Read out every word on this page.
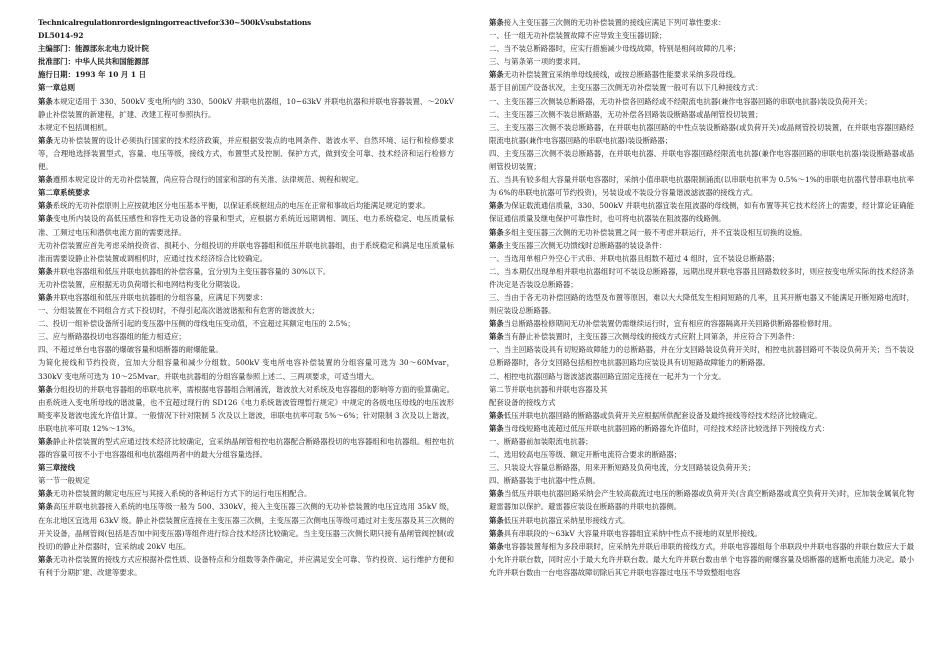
Technicalregulationrordesigningorreactivefor330~500kVsubstations

DL5014-92

主编部门：能源部东北电力设计院

批准部门：中华人民共和国能源部

施行日期：1993 年 10 月 1 日

第一章总则

第条本规定适用于 330、500kV 变电所内的 330、500kV 并联电抗器组，10~63kV 并联电抗器和并联电容器装置、～20kV 静止补偿装置的新建程，扩建、改建工程可参照执行。

本规定不包括调相机。

第条无功补偿装置的设计必须执行国家的技术经济政策，并应根据安装点的电网条件、谐波水平、自然环境、运行和检修要求等，合理地选择装置型式，容量、电压等级，接线方式，布置型式及控制、保护方式，做到安全可靠、技术经济和运行检修方便。

第条遵照本规定设计的无功补偿装置，尚应符合现行的国家和部的有关准、法律规范、规程和规定。

第二章系统要求

第条系统的无功补偿原则上应按就地区分电压基本平衡，以保证系统枢纽点的电压在正常和事故后均能满足规定的要求。

第条变电所内装设的高低压感性和容性无功设备的容量和型式，应根据方系统近远期调相、调压、电力系统稳定、电压质量标准、工频过电压和潜供电流方面的需要选择。

无功补偿装置应首先考虑采纳投资省、损耗小、分组投切的并联电容器组和低压并联电抗器组，由于系统稳定和满足电压质量标准而需要设静止补偿装置或调相机时，应通过技术经济综合比较确定。

第条并联电容器组和低压并联电抗器组的补偿容量，宜分别为主变压器容量的 30%以下。

无功补偿装置，应根据无功负荷增长和电网结构变化分期装设。

第条并联电容器组和低压并联电抗器组的分组容量，应满足下列要求：

一、分组装置在不同组合方式下投切时，不得引起高次谐波谐振和有危害的谐波放大；

二、投切一组补偿设备所引起的变压器中压侧的母线电压变动值，不宜超过其额定电压的 2.5%；

三、应与断路器投切电容器组的能力相适应；

四、不超过单台电容器的爆破容量和熔断器的耐爆能量。

为简化接线和节约投资，宜加大分组容量和减少分组数。500kV 变电所电容补偿装置的分组容量可选为 30～60Mvar，330kV 变电所可选为 10～25Mvar。并联电抗器组的分组容量参照上述二、三两项要求，可适当增大。

第条分组投切的并联电容器组的串联电抗率，需根据电容器组合闸涌流，谐波放大对系统及电容器组的影响等方面的验算确定。由系统进入变电所母线的谐波量，也不宜超过现行的 SD126《电力系统谐波管理暂行规定》中规定的各级电压母线的电压波形畸变率及谐波电流允许值计算。一般情况下针对限制 5 次及以上谐波，串联电抗率可取 5%～6%；针对限制 3 次及以上谐波，串联电抗率可取 12%～13%。

第条静止补偿装置的型式应通过技术经济比较确定，宜采纳晶闸管相控电抗器配合断路器投切的电容器组和电抗器组。相控电抗器的容量可按不小于电容器组和电抗器组两者中的最大分组容量选择。

第三章接线

第一节一般规定

第条无功补偿装置的额定电压应与其接入系统的各种运行方式下的运行电压相配合。

第条高压并联电抗器接入系统的电压等级一般为 500、330kV，接入主变压器三次侧的无功补偿装置的电压宜选用 35kV 级，在东北地区宜选用 63kV 级。静止补偿装置应连接在主变压器三次侧，主变压器三次侧电压等级可通过对主变压器及其三次侧的开关设备，晶闸管阀(包括是否加中间变压器)等组件进行综合技术经济比较确定。当主变压器三次侧长期只接有晶闸管阀控制(或投切)的静止补偿器时，宜采纳或 20kV 电压。

第条无功补偿装置的接线方式应根据补偿性质、设备特点和分组数等条件确定，并应满足安全可靠、节约投资、运行维护方便和有利于分期扩建、改建等要求。

第条接入主变压器三次侧的无功补偿装置的接线应满足下列可靠性要求：

一、任一组无功补偿装置故障不应导致主变压器切除；

二、当不装总断路器时，应实行措施减少母线故障，特别是相间故障的几率；

三、与第条第一项的要求同。

第条无功补偿装置宜采纳单母线接线，或按总断路器性能要求采纳多段母线。

基于目前国产设备状况，主变压器三次侧无功补偿装置一般可有以下几种接线方式：

一、主变压器三次侧装总断路器，无功补偿各回路经或不经限流电抗器(兼作电容器回路的串联电抗器)装设负荷开关；

二、主变压器三次侧不装总断路器，无功补偿各回路装设断路器或晶闸管投切装置；

三、主变压器三次侧不装总断路器，在并联电抗器回路的中性点装设断路器(或负荷开关)或晶闸管投切装置，在并联电容器回路经限流电抗器(兼作电容器回路的串联电抗器)装设断路器；

四、主变压器三次侧不装总断路器，在并联电抗器、并联电容器回路经限流电抗器(兼作电容器回路的串联电抗器)装设断路器或晶闸管投切装置；

五、当具有较多组大容量并联电容器时，采纳小值串联电抗器限制涌流(以串联电抗率为 0.5%～1%的串联电抗器代替串联电抗率为 6%的串联电抗器可节约投资)，另装设或不装设分容量谐波滤波器的接线方式。

第条为保证载流通信质量，330、500kV 并联电抗器宜装在阻波器的母线侧，如有布置等其它技术经济上的需要，经计算论证确能保证通信质量及继电保护可靠性时，也可将电抗器装在阻波器的线路侧。

第条多组主变压器三次侧的无功补偿装置之间一般不考虑并联运行，并不宜装设相互切换的设施。

第条主变压器三次侧无功馈线时总断路器的装设条件：

一、当选用单相户外空心干式串、并联电抗器且组数不超过 4 组时，宜不装设总断路器；

二、当本期仅出现单相并联电抗器组时可不装设总断路器，远期出现并联电容器且回路数较多时，则应按变电所实际的技术经济条件决定是否装设总断路器；

三、当由于各无功补偿回路的选型及布置等原因，难以大大降低发生相间短路的几率，且其开断电器又不能满足开断短路电流时，则应装设总断路器。

第条当总断路器检修期间无功补偿装置仍需继续运行时，宜有相应的容器隔离开关回路供断路器检修时用。

第条当有静止补偿装置时，主变压器三次侧母线的接线方式应附上同第条，并应符合下列条件：

一、当主回路装设具有切短路故障能力的总断路器，并在分支回路装设负荷开关时，相控电抗器回路可不装设负荷开关；当不装设总断路器时，各分支回路包括相控电抗器回路均应装设具有切短路故障能力的断路器。

二、相控电抗器回路与谐波滤波器回路宜固定连接在一起并为一个分支。

第二节并联电抗器和并联电容器及其

配套设备的接线方式

第条低压并联电抗器回路的断路器或负荷开关应根据所供配套设备及最终接线等经技术经济比较确定。

第条当母线短路电流超过低压并联电抗器回路的断路器允许值时，可经技术经济比较选择下列接线方式：

一、断路器前加装限流电抗器；

二、选用较高电压等级、额定开断电流符合要求的断路器；

三、只装设大容量总断路器，用来开断短路及负荷电流，分支回路装设负荷开关；

四、断路器装于电抗器中性点侧。

第条当低压并联电抗器回路采纳会产生较高截流过电压的断路器或负荷开关(含真空断路器或真空负荷开关)时，应加装金属氧化物避雷器加以保护。避雷器应装设在断路器的并联电抗器侧。

第条低压并联电抗器宜采纳星形接线方式。

第条具有串联段的～63kV 大容量并联电容器组宜采纳中性点不接地的双星形接线。

第条电容器装置每相为多段串联时，应采纳先并联后串联的接线方式，并联电容器组每个串联段中并联电容器的并联台数应大于最小允许并联台数，同时应小于最大允许并联台数。最大允许并联台数由单个电容器的耐爆容量及熔断器的遮断电流能力决定。最小允许并联台数由一台电容器故障切除后其它并联电容器过电压不导致整组电容
